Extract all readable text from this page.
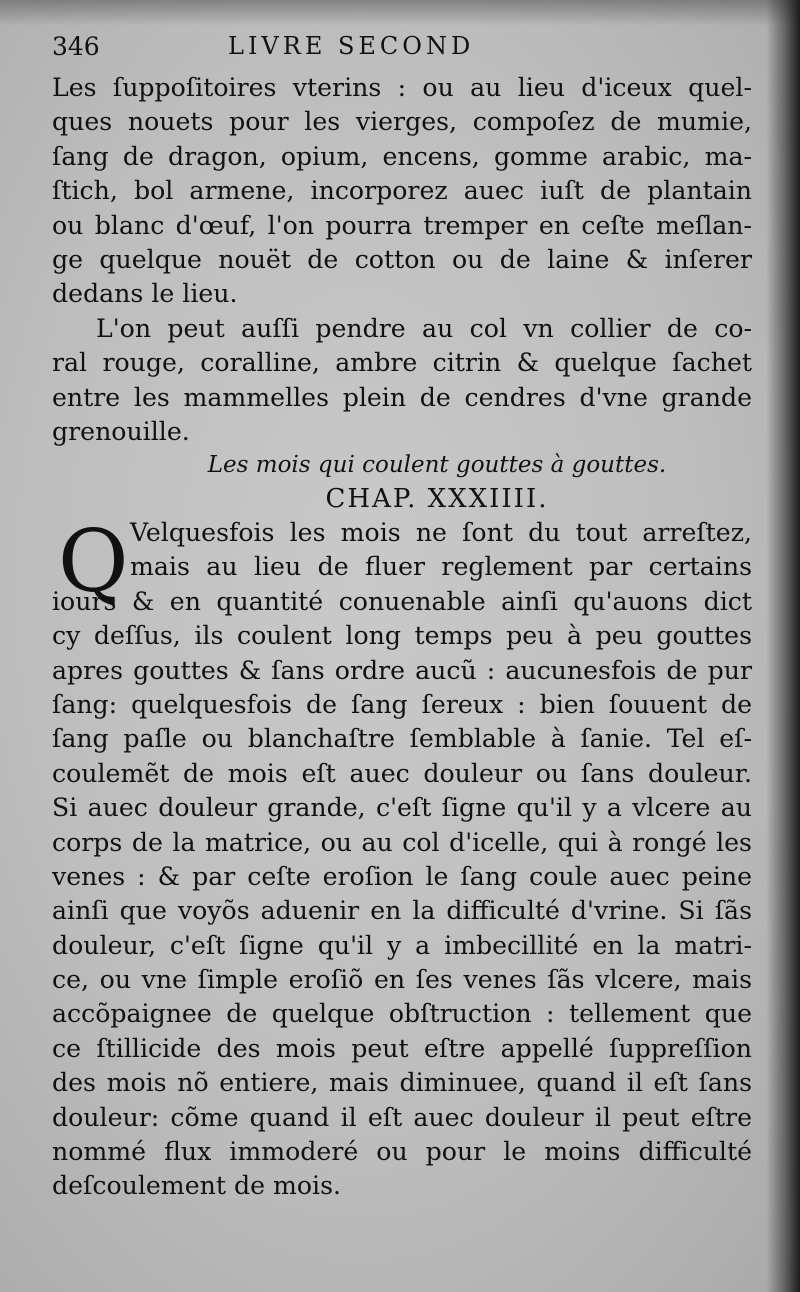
346	LIVRE SECOND
Les ſuppoſitoires vterins : ou au lieu d'iceux quel-
ques nouets pour les vierges, compoſez de mumie,
ſang de dragon, opium, encens, gomme arabic, ma-
ſtich, bol armene, incorporez auec iuſt de plantain
ou blanc d'œuf, l'on pourra tremper en ceſte meſlan-
ge quelque nouët de cotton ou de laine & inſerer
dedans le lieu.
L'on peut auſſi pendre au col vn collier de co-
ral rouge, coralline, ambre citrin & quelque ſachet
entre les mammelles plein de cendres d'vne grande
grenouille.
Les mois qui coulent gouttes à gouttes.
CHAP. XXXIIII.
Q Velquesfois les mois ne ſont du tout arreſtez,
mais au lieu de fluer reglement par certains
iours & en quantité conuenable ainſi qu'auons dict
cy deſſus, ils coulent long temps peu à peu gouttes
apres gouttes & ſans ordre aucũ : aucunesfois de pur
ſang: quelquesfois de ſang ſereux : bien ſouuent de
ſang paſle ou blanchaſtre ſemblable à ſanie. Tel eſ-
coulemẽt de mois eſt auec douleur ou ſans douleur.
Si auec douleur grande, c'eſt ſigne qu'il y a vlcere au
corps de la matrice, ou au col d'icelle, qui à rongé les
venes : & par ceſte eroſion le ſang coule auec peine
ainſi que voyõs aduenir en la difficulté d'vrine. Si ſãs
douleur, c'eſt ſigne qu'il y a imbecillité en la matri-
ce, ou vne ſimple eroſiõ en ſes venes ſãs vlcere, mais
accõpaignee de quelque obſtruction : tellement que
ce ſtillicide des mois peut eſtre appellé ſuppreſſion
des mois nõ entiere, mais diminuee, quand il eſt ſans
douleur: cõme quand il eſt auec douleur il peut eſtre
nommé flux immoderé ou pour le moins difficulté
deſcoulement de mois.
